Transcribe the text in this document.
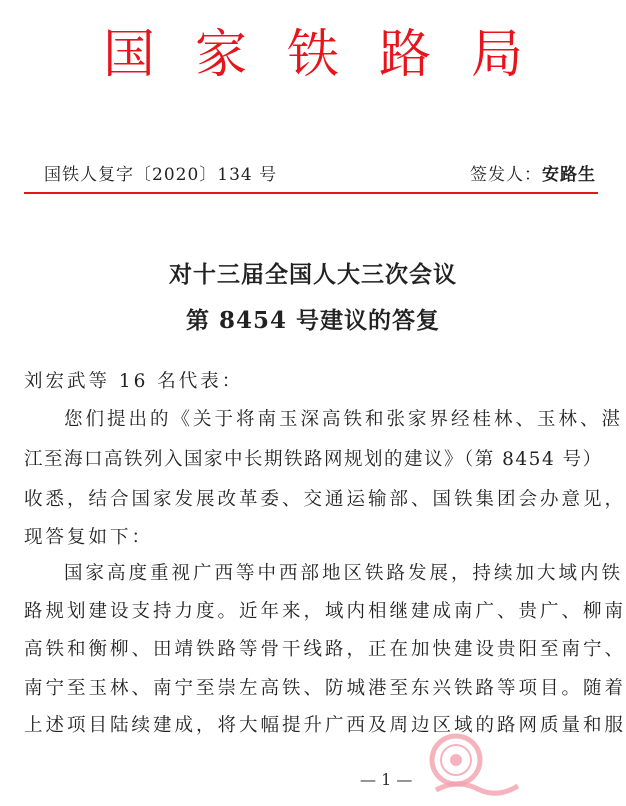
国家铁路局
国铁人复字〔2020〕134 号	签发人：安路生
对十三届全国人大三次会议
第 8454 号建议的答复
刘宏武等 16 名代表：
您们提出的《关于将南玉深高铁和张家界经桂林、玉林、湛
江至海口高铁列入国家中长期铁路网规划的建议》（第 8454 号）
收悉，结合国家发展改革委、交通运输部、国铁集团会办意见，
现答复如下：
国家高度重视广西等中西部地区铁路发展，持续加大域内铁
路规划建设支持力度。近年来，域内相继建成南广、贵广、柳南
高铁和衡柳、田靖铁路等骨干线路，正在加快建设贵阳至南宁、
南宁至玉林、南宁至崇左高铁、防城港至东兴铁路等项目。随着
上述项目陆续建成，将大幅提升广西及周边区域的路网质量和服
— 1 —
